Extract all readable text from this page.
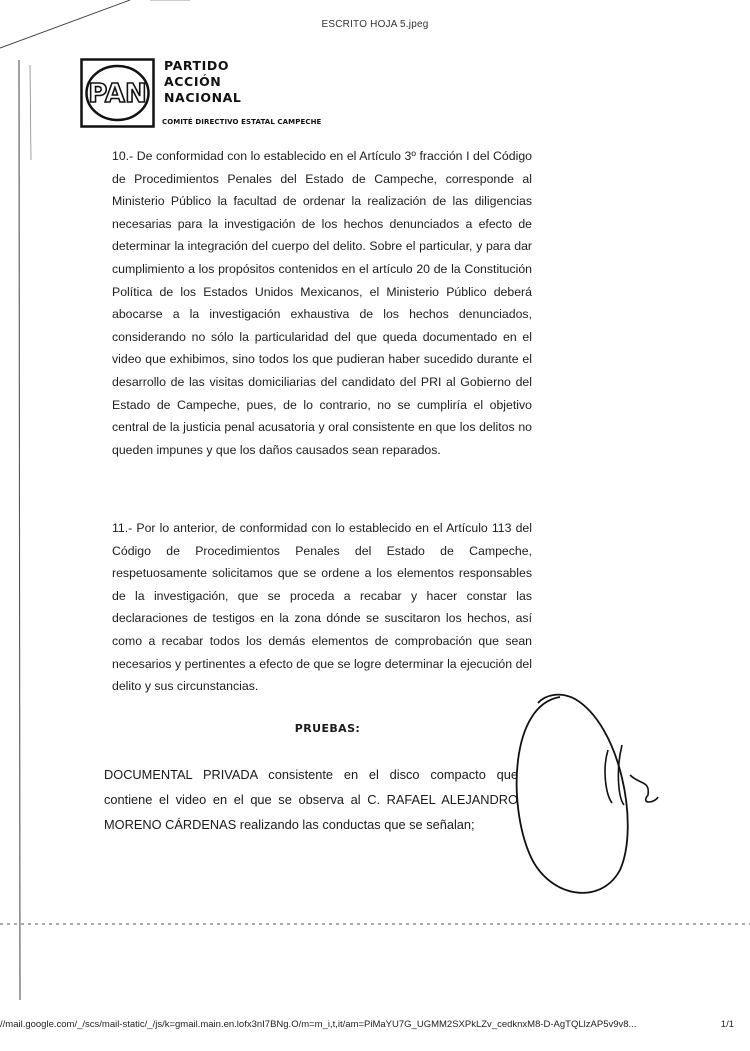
ESCRITO HOJA 5.jpeg
PAN
PARTIDO
ACCIÓN
NACIONAL
COMITÉ DIRECTIVO ESTATAL CAMPECHE

10.- De conformidad con lo establecido en el Artículo 3º fracción I del Código de Procedimientos Penales del Estado de Campeche, corresponde al Ministerio Público la facultad de ordenar la realización de las diligencias necesarias para la investigación de los hechos denunciados a efecto de determinar la integración del cuerpo del delito. Sobre el particular, y para dar cumplimiento a los propósitos contenidos en el artículo 20 de la Constitución Política de los Estados Unidos Mexicanos, el Ministerio Público deberá abocarse a la investigación exhaustiva de los hechos denunciados, considerando no sólo la particularidad del que queda documentado en el video que exhibimos, sino todos los que pudieran haber sucedido durante el desarrollo de las visitas domiciliarias del candidato del PRI al Gobierno del Estado de Campeche, pues, de lo contrario, no se cumpliría el objetivo central de la justicia penal acusatoria y oral consistente en que los delitos no queden impunes y que los daños causados sean reparados.

11.- Por lo anterior, de conformidad con lo establecido en el Artículo 113 del Código de Procedimientos Penales del Estado de Campeche, respetuosamente solicitamos que se ordene a los elementos responsables de la investigación, que se proceda a recabar y hacer constar las declaraciones de testigos en la zona dónde se suscitaron los hechos, así como a recabar todos los demás elementos de comprobación que sean necesarios y pertinentes a efecto de que se logre determinar la ejecución del delito y sus circunstancias.

PRUEBAS:

DOCUMENTAL PRIVADA consistente en el disco compacto que contiene el video en el que se observa al C. RAFAEL ALEJANDRO MORENO CÁRDENAS realizando las conductas que se señalan;

//mail.google.com/_/scs/mail-static/_/js/k=gmail.main.en.lofx3nI7BNg.O/m=m_i,t,it/am=PiMaYU7G_UGMM2SXPkLZv_cedknxM8-D-AgTQLlzAP5v9v8...	1/1
